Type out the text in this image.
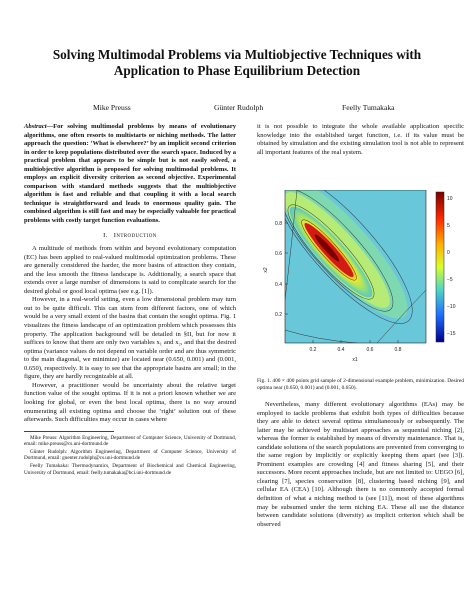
Solving Multimodal Problems via Multiobjective Techniques with Application to Phase Equilibrium Detection
Mike Preuss	Günter Rudolph	Feelly Tumakaka

Abstract—For solving multimodal problems by means of evolutionary algorithms, one often resorts to multistarts or niching methods. The latter approach the question: ‘What is elsewhere?’ by an implicit second criterion in order to keep populations distributed over the search space. Induced by a practical problem that appears to be simple but is not easily solved, a multiobjective algorithm is proposed for solving multimodal problems. It employs an explicit diversity criterion as second objective. Experimental comparison with standard methods suggests that the multiobjective algorithm is fast and reliable and that coupling it with a local search technique is straightforward and leads to enormous quality gain. The combined algorithm is still fast and may be especially valuable for practical problems with costly target function evaluations.

I. Introduction

A multitude of methods from within and beyond evolutionary computation (EC) has been applied to real-valued multimodal optimization problems. These are generally considered the harder, the more basins of attraction they contain, and the less smooth the fitness landscape is. Additionally, a search space that extends over a large number of dimensions is said to complicate search for the desired global or good local optima (see e.g. [1]).

However, in a real-world setting, even a low dimensional problem may turn out to be quite difficult. This can stem from different factors, one of which would be a very small extent of the basins that contain the sought optima. Fig. 1 visualizes the fitness landscape of an optimization problem which possesses this property. The application background will be detailed in §II, but for now it suffices to know that there are only two variables x₁ and x₂, and that the desired optima (variance values do not depend on variable order and are thus symmetric to the main diagonal, we minimize) are located near (0.650, 0.001) and (0.001, 0.650), respectively. It is easy to see that the appropriate basins are small; in the figure, they are hardly recognizable at all.

However, a practitioner would be uncertainty about the relative target function value of the sought optima. If it is not a priori known whether we are looking for global, or even the best local optima, there is no way around enumerating all existing optima and choose the ‘right’ solution out of these afterwards. Such difficulties may occur in cases where

Mike Preuss: Algorithm Engineering, Department of Computer Science, University of Dortmund, email: mike.preuss@cs.uni-dortmund.de

Günter Rudolph: Algorithm Engineering, Department of Computer Science, University of Dortmund, email: guenter.rudolph@cs.uni-dortmund.de

Feelly Tumakaka: Thermodynamics, Department of Biochemical and Chemical Engineering, University of Dortmund, email: feelly.tumakaka@bci.uni-dortmund.de

it is not possible to integrate the whole available application specific knowledge into the established target function, i.e. if its value must be obtained by simulation and the existing simulation tool is not able to represent all important features of the real system.

0.2
0.4
0.6
0.8
x2
0.2	0.4	0.6	0.8
x1
10
5
0
−5
−10
−15
Fig. 1. 400 × 400 points grid sample of 2-dimensional example problem, minimization. Desired optima near (0.650, 0.001) and (0.001, 0.650).

Nevertheless, many different evolutionary algorithms (EAs) may be employed to tackle problems that exhibit both types of difficulties because they are able to detect several optima simultaneously or subsequently. The latter may be achieved by multistart approaches as sequential niching [2], whereas the former is established by means of diversity maintenance. That is, candidate solutions of the search populations are prevented from converging to the same region by implicitly or explicitly keeping them apart (see [3]). Prominent examples are crowding [4] and fitness sharing [5], and their successors. More recent approaches include, but are not limited to: UEGO [6], clearing [7], species conservation [8], clustering based niching [9], and cellular EA (CEA) [10]. Although there is no commonly accepted formal definition of what a niching method is (see [11]), most of these algorithms may be subsumed under the term niching EA. These all use the distance between candidate solutions (diversity) as implicit criterion which shall be observed
